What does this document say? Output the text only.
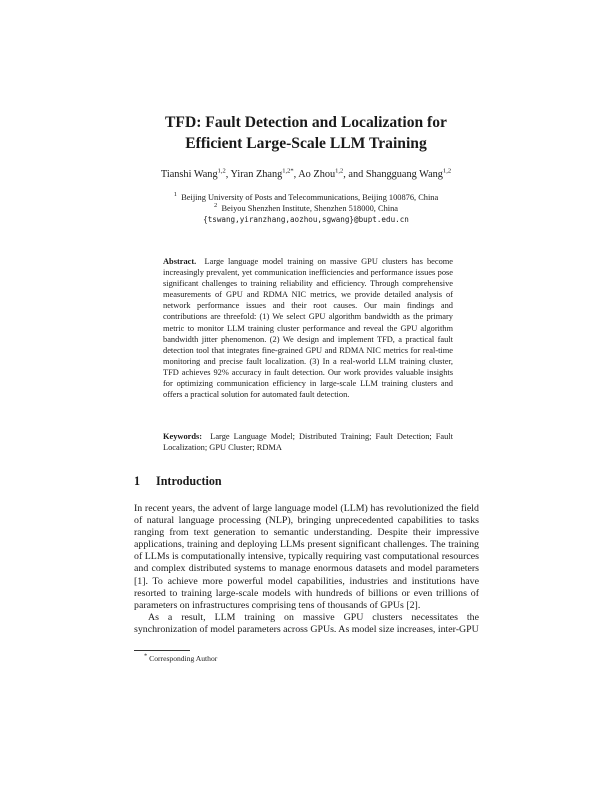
TFD: Fault Detection and Localization for
Efficient Large-Scale LLM Training
Tianshi Wang$^{1,2}$, Yiran Zhang$^{1,2*}$, Ao Zhou$^{1,2}$, and Shangguang Wang$^{1,2}$
$^1$ Beijing University of Posts and Telecommunications, Beijing 100876, China
$^2$ Beiyou Shenzhen Institute, Shenzhen 518000, China
{tswang,yiranzhang,aozhou,sgwang}@bupt.edu.cn
Abstract. Large language model training on massive GPU clusters has become increasingly prevalent, yet communication inefficiencies and performance issues pose significant challenges to training reliability and efficiency. Through comprehensive measurements of GPU and RDMA NIC metrics, we provide detailed analysis of network performance issues and their root causes. Our main findings and contributions are threefold: (1) We select GPU algorithm bandwidth as the primary metric to monitor LLM training cluster performance and reveal the GPU algorithm bandwidth jitter phenomenon. (2) We design and implement TFD, a practical fault detection tool that integrates fine-grained GPU and RDMA NIC metrics for real-time monitoring and precise fault localization. (3) In a real-world LLM training cluster, TFD achieves 92% accuracy in fault detection. Our work provides valuable insights for optimizing communication efficiency in large-scale LLM training clusters and offers a practical solution for automated fault detection.
Keywords: Large Language Model; Distributed Training; Fault Detection; Fault Localization; GPU Cluster; RDMA
1 Introduction

In recent years, the advent of large language model (LLM) has revolutionized the field of natural language processing (NLP), bringing unprecedented capabilities to tasks ranging from text generation to semantic understanding. Despite their impressive applications, training and deploying LLMs present significant challenges. The training of LLMs is computationally intensive, typically requiring vast computational resources and complex distributed systems to manage enormous datasets and model parameters [1]. To achieve more powerful model capabilities, industries and institutions have resorted to training large-scale models with hundreds of billions or even trillions of parameters on infrastructures comprising tens of thousands of GPUs [2].

As a result, LLM training on massive GPU clusters necessitates the synchronization of model parameters across GPUs. As model size increases, inter-GPU

* Corresponding Author
